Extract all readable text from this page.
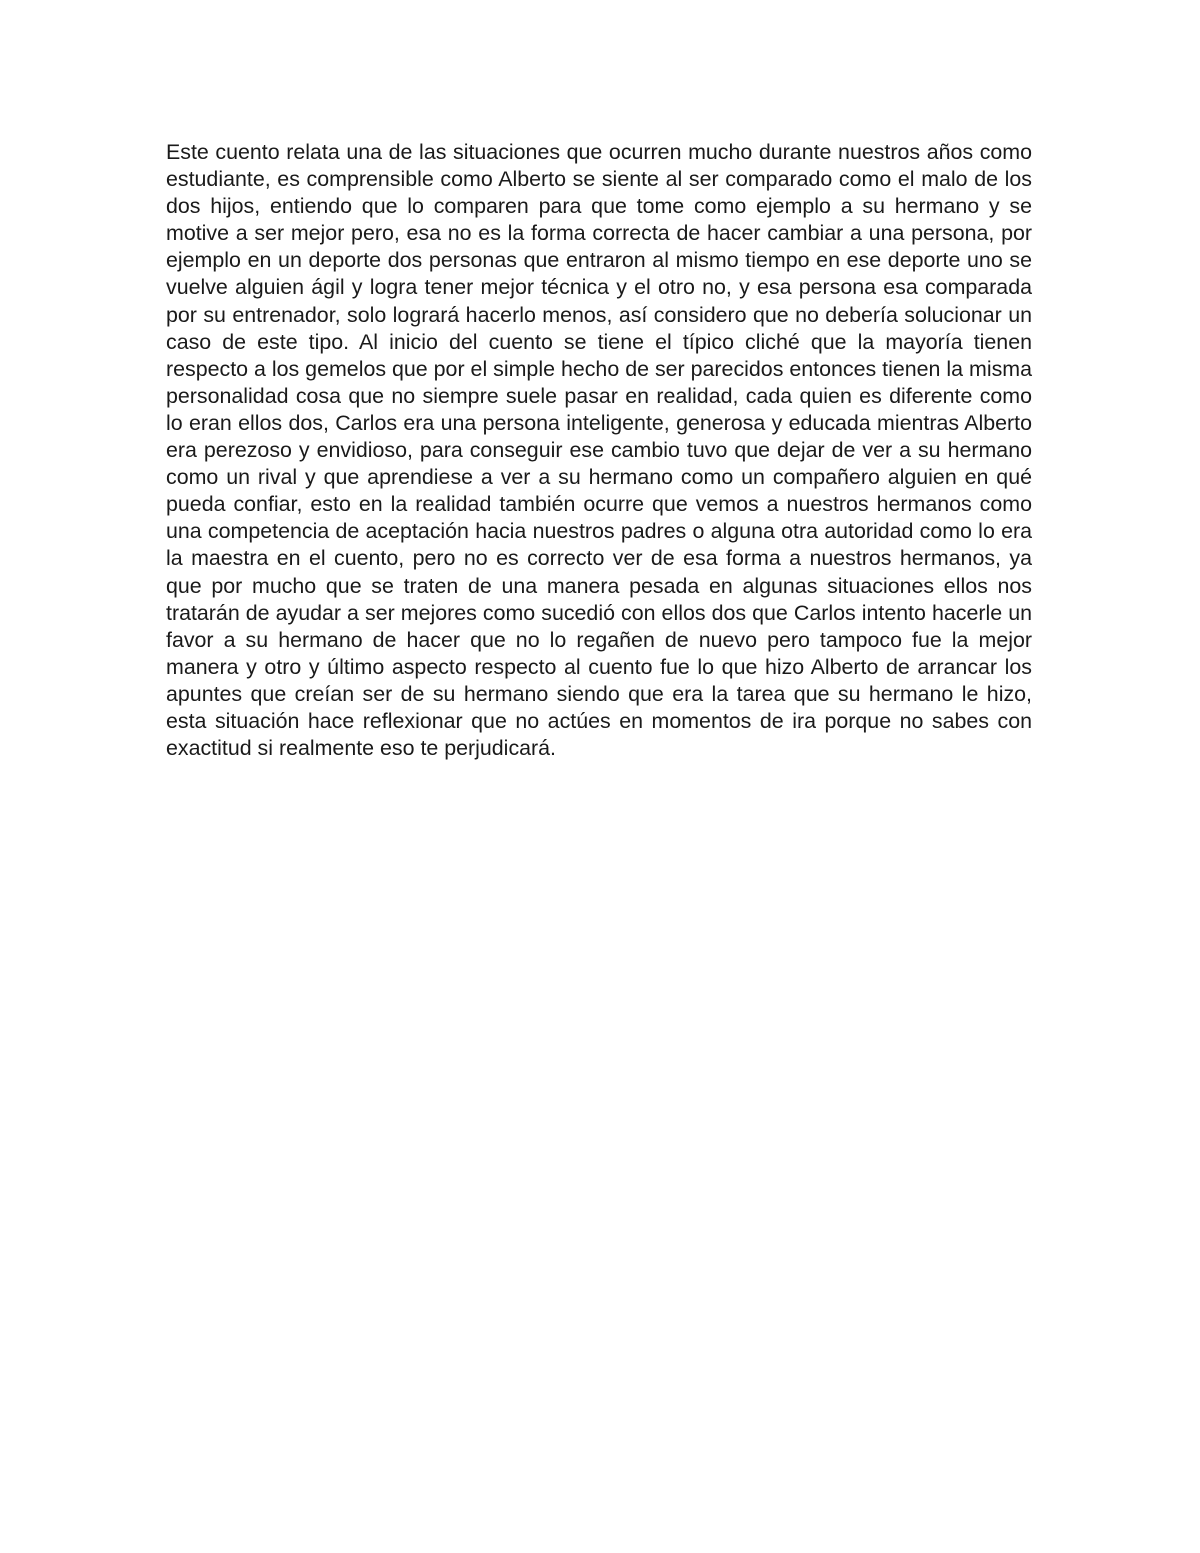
Este cuento relata una de las situaciones que ocurren mucho durante nuestros años como estudiante, es comprensible como Alberto se siente al ser comparado como el malo de los dos hijos, entiendo que lo comparen para que tome como ejemplo a su hermano y se motive a ser mejor pero, esa no es la forma correcta de hacer cambiar a una persona, por ejemplo en un deporte dos personas que entraron al mismo tiempo en ese deporte uno se vuelve alguien ágil y logra tener mejor técnica y el otro no, y esa persona esa comparada por su entrenador, solo logrará hacerlo menos, así considero que no debería solucionar un caso de este tipo. Al inicio del cuento se tiene el típico cliché que la mayoría tienen respecto a los gemelos que por el simple hecho de ser parecidos entonces tienen la misma personalidad cosa que no siempre suele pasar en realidad, cada quien es diferente como lo eran ellos dos, Carlos era una persona inteligente, generosa y educada mientras Alberto era perezoso y envidioso, para conseguir ese cambio tuvo que dejar de ver a su hermano como un rival y que aprendiese a ver a su hermano como un compañero alguien en qué pueda confiar, esto en la realidad también ocurre que vemos a nuestros hermanos como una competencia de aceptación hacia nuestros padres o alguna otra autoridad como lo era la maestra en el cuento, pero no es correcto ver de esa forma a nuestros hermanos, ya que por mucho que se traten de una manera pesada en algunas situaciones ellos nos tratarán de ayudar a ser mejores como sucedió con ellos dos que Carlos intento hacerle un favor a su hermano de hacer que no lo regañen de nuevo pero tampoco fue la mejor manera y otro y último aspecto respecto al cuento fue lo que hizo Alberto de arrancar los apuntes que creían ser de su hermano siendo que era la tarea que su hermano le hizo, esta situación hace reflexionar que no actúes en momentos de ira porque no sabes con exactitud si realmente eso te perjudicará.
